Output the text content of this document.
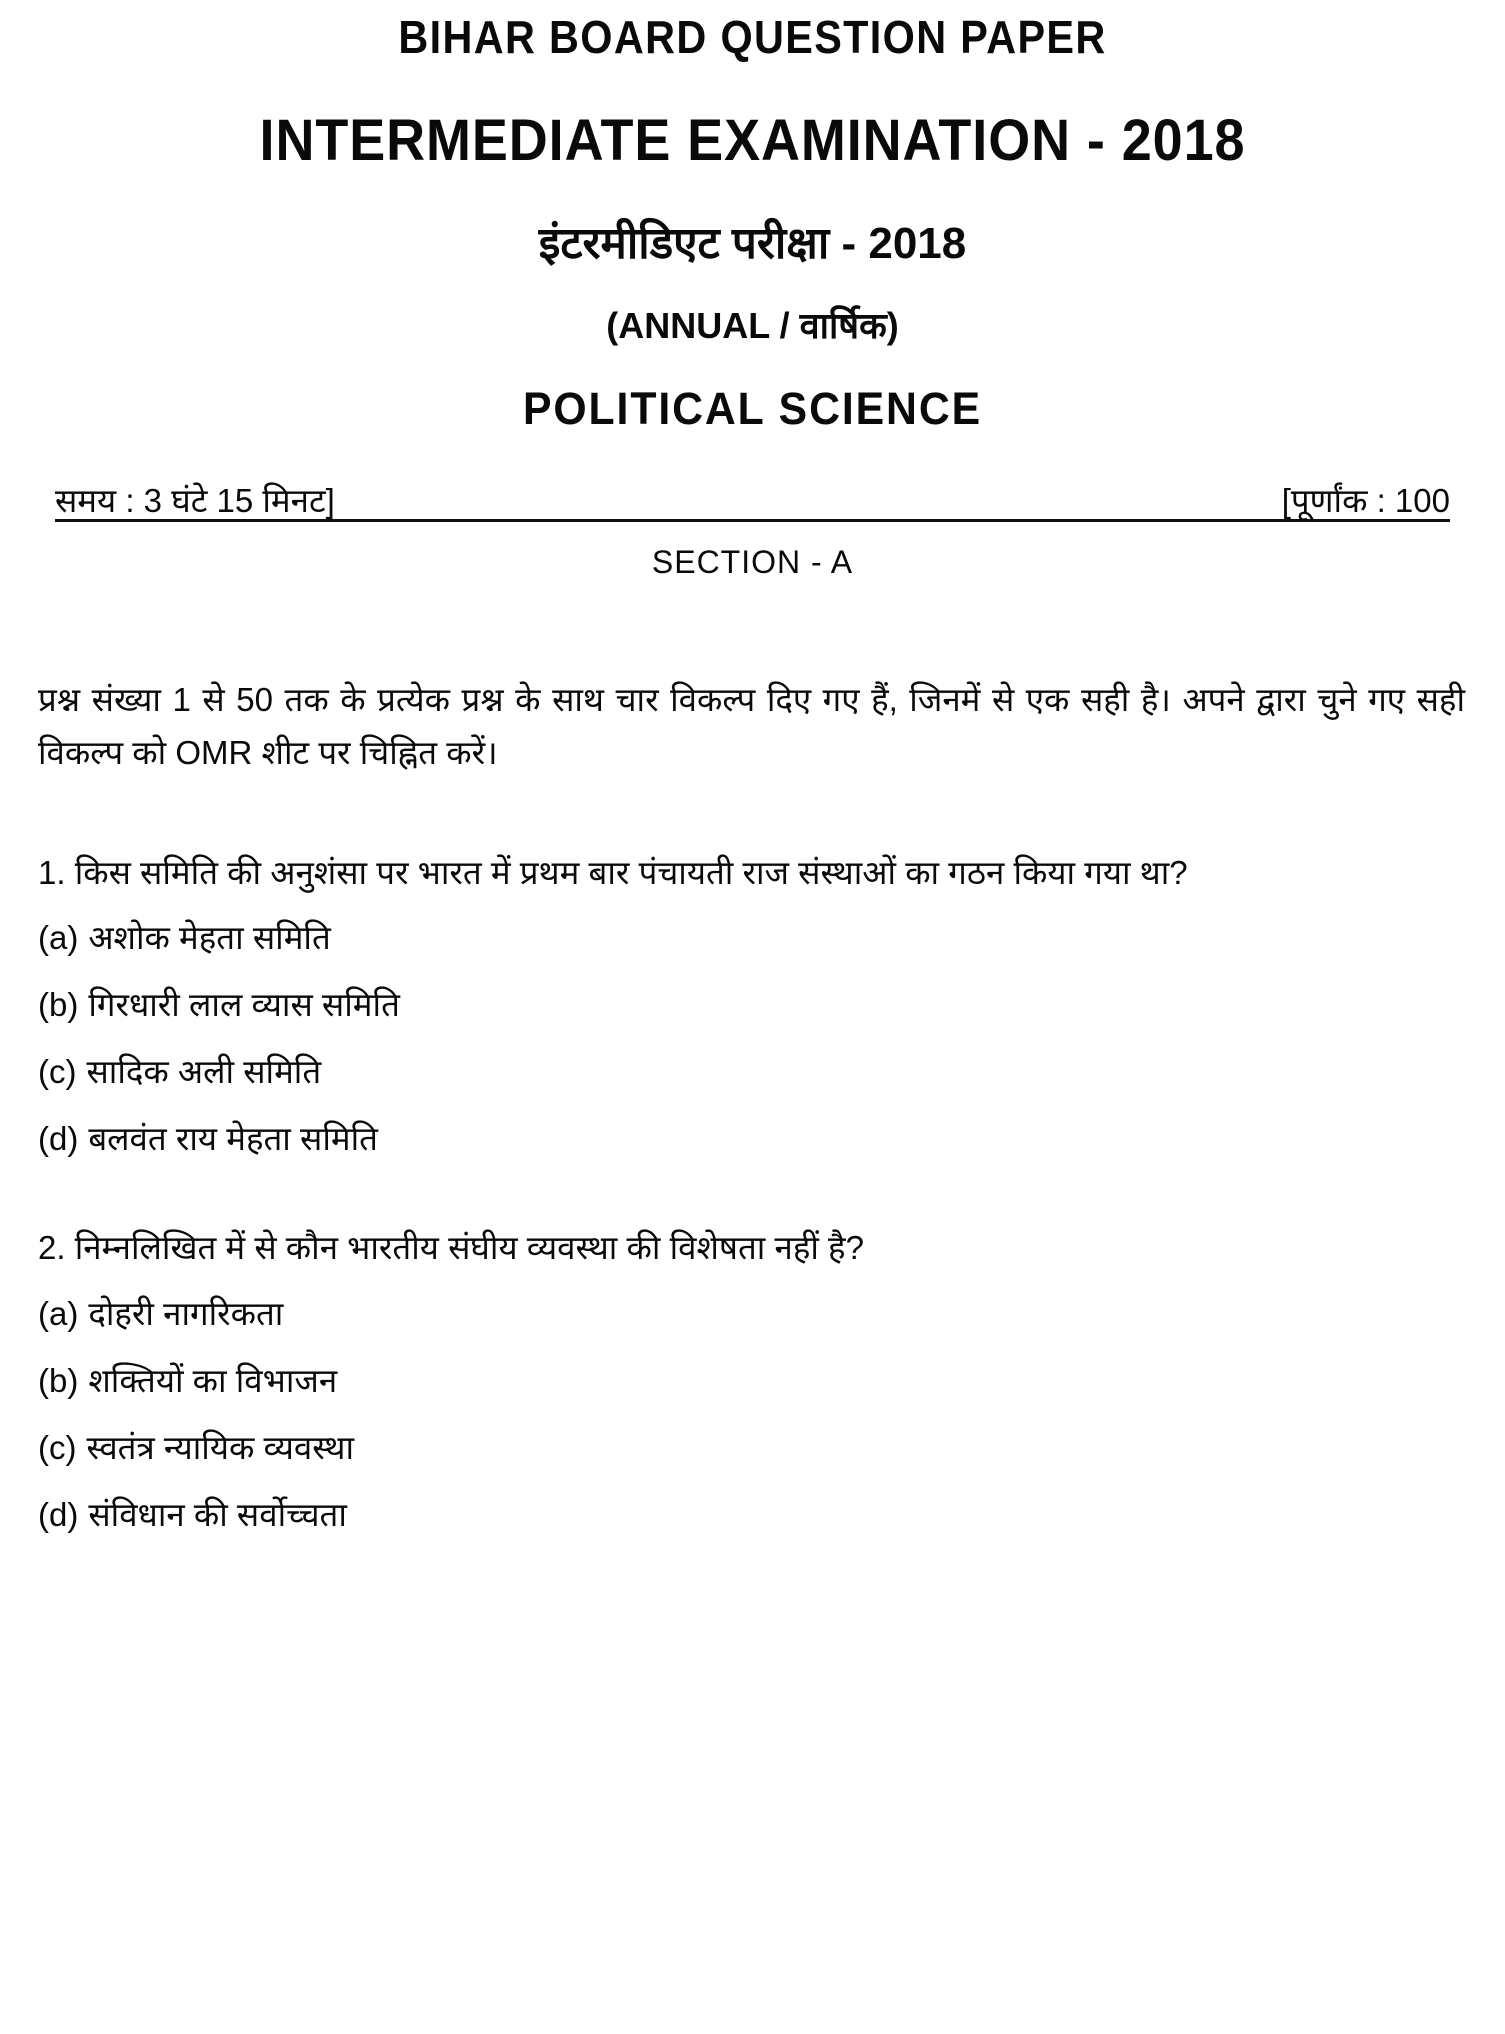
BIHAR BOARD QUESTION PAPER
INTERMEDIATE EXAMINATION - 2018
इंटरमीडिएट परीक्षा - 2018
(ANNUAL / वार्षिक)
POLITICAL SCIENCE
समय : 3 घंटे 15 मिनट]	[पूर्णांक : 100
SECTION - A
प्रश्न संख्या 1 से 50 तक के प्रत्येक प्रश्न के साथ चार विकल्प दिए गए हैं, जिनमें से एक सही है। अपने द्वारा चुने गए सही विकल्प को OMR शीट पर चिह्नित करें।
1. किस समिति की अनुशंसा पर भारत में प्रथम बार पंचायती राज संस्थाओं का गठन किया गया था?
(a) अशोक मेहता समिति
(b) गिरधारी लाल व्यास समिति
(c) सादिक अली समिति
(d) बलवंत राय मेहता समिति
2. निम्नलिखित में से कौन भारतीय संघीय व्यवस्था की विशेषता नहीं है?
(a) दोहरी नागरिकता
(b) शक्तियों का विभाजन
(c) स्वतंत्र न्यायिक व्यवस्था
(d) संविधान की सर्वोच्चता
